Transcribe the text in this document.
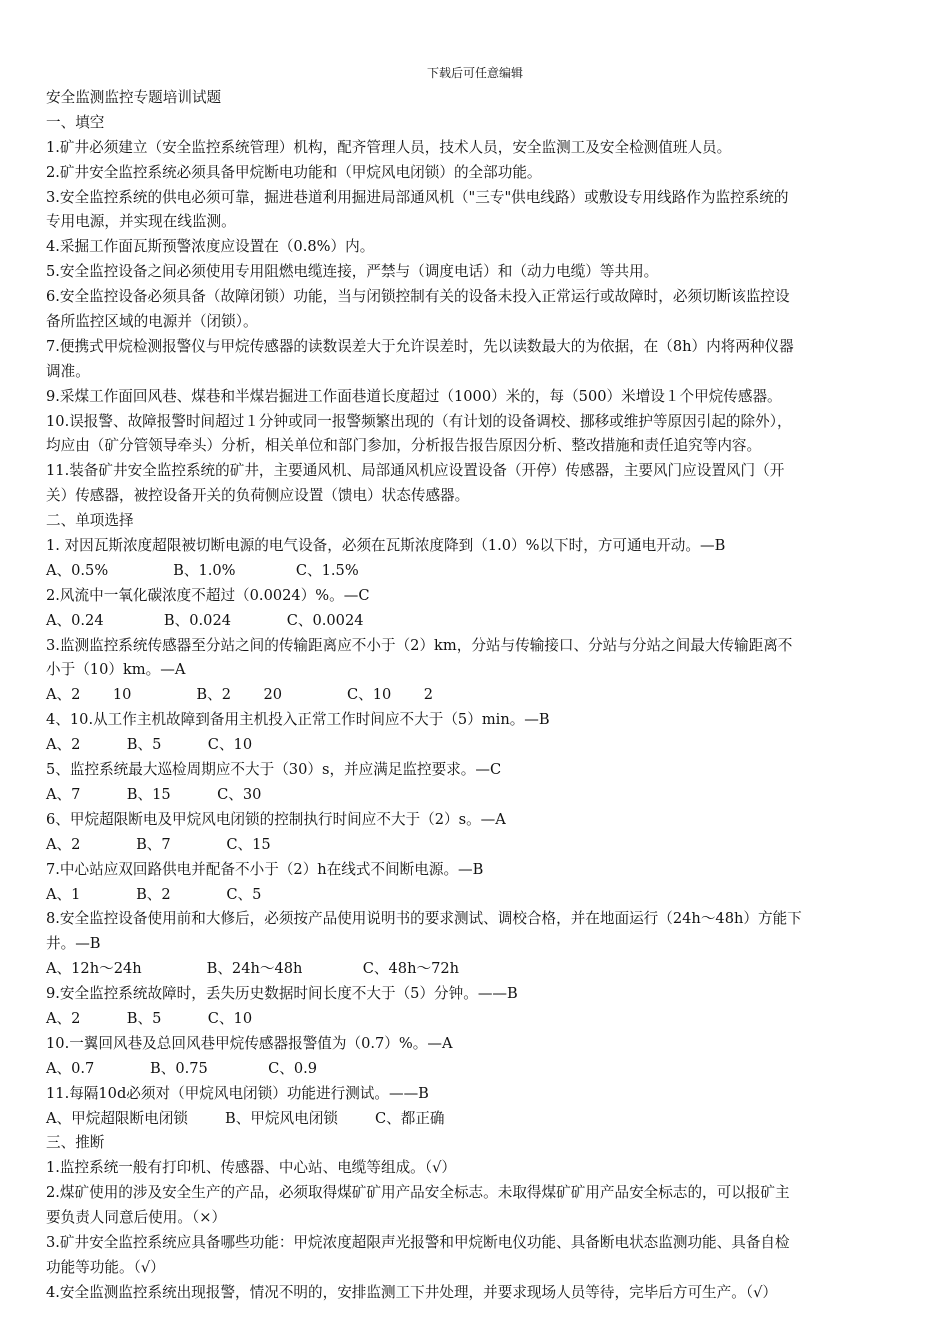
下载后可任意编辑
安全监测监控专题培训试题
一、填空
1.矿井必须建立（安全监控系统管理）机构，配齐管理人员，技术人员，安全监测工及安全检测值班人员。
2.矿井安全监控系统必须具备甲烷断电功能和（甲烷风电闭锁）的全部功能。
3.安全监控系统的供电必须可靠，掘进巷道利用掘进局部通风机（"三专"供电线路）或敷设专用线路作为监控系统的
专用电源，并实现在线监测。
4.采掘工作面瓦斯预警浓度应设置在（0.8%）内。
5.安全监控设备之间必须使用专用阻燃电缆连接，严禁与（调度电话）和（动力电缆）等共用。
6.安全监控设备必须具备（故障闭锁）功能，当与闭锁控制有关的设备未投入正常运行或故障时，必须切断该监控设
备所监控区域的电源并（闭锁）。
7.便携式甲烷检测报警仪与甲烷传感器的读数误差大于允许误差时，先以读数最大的为依据，在（8h）内将两种仪器
调准。
9.采煤工作面回风巷、煤巷和半煤岩掘进工作面巷道长度超过（1000）米的，每（500）米增设１个甲烷传感器。
10.误报警、故障报警时间超过１分钟或同一报警频繁出现的（有计划的设备调校、挪移或维护等原因引起的除外），
均应由（矿分管领导牵头）分析，相关单位和部门参加，分析报告报告原因分析、整改措施和责任追究等内容。
11.装备矿井安全监控系统的矿井，主要通风机、局部通风机应设置设备（开停）传感器，主要风门应设置风门（开
关）传感器，被控设备开关的负荷侧应设置（馈电）状态传感器。
二、单项选择
1. 对因瓦斯浓度超限被切断电源的电气设备，必须在瓦斯浓度降到（1.0）%以下时，方可通电开动。—B
A、0.5%              B、1.0%             C、1.5%
2.风流中一氧化碳浓度不超过（0.0024）%。—C
A、0.24             B、0.024            C、0.0024
3.监测监控系统传感器至分站之间的传输距离应不小于（2）km，分站与传输接口、分站与分站之间最大传输距离不
小于（10）km。—A
A、2       10              B、2       20              C、10       2
4、10.从工作主机故障到备用主机投入正常工作时间应不大于（5）min。—B
A、2          B、5          C、10
5、监控系统最大巡检周期应不大于（30）s，并应满足监控要求。—C
A、7          B、15          C、30
6、甲烷超限断电及甲烷风电闭锁的控制执行时间应不大于（2）s。—A
A、2            B、7            C、15
7.中心站应双回路供电并配备不小于（2）h在线式不间断电源。—B
A、1            B、2            C、5
8.安全监控设备使用前和大修后，必须按产品使用说明书的要求测试、调校合格，并在地面运行（24h～48h）方能下
井。—B
A、12h～24h              B、24h～48h             C、48h～72h
9.安全监控系统故障时，丢失历史数据时间长度不大于（5）分钟。——B
A、2          B、5          C、10
10.一翼回风巷及总回风巷甲烷传感器报警值为（0.7）%。—A
A、0.7            B、0.75             C、0.9
11.每隔10d必须对（甲烷风电闭锁）功能进行测试。——B
A、甲烷超限断电闭锁        B、甲烷风电闭锁        C、都正确
三、推断
1.监控系统一般有打印机、传感器、中心站、电缆等组成。（√）
2.煤矿使用的涉及安全生产的产品，必须取得煤矿矿用产品安全标志。未取得煤矿矿用产品安全标志的，可以报矿主
要负责人同意后使用。（×）
3.矿井安全监控系统应具备哪些功能：甲烷浓度超限声光报警和甲烷断电仪功能、具备断电状态监测功能、具备自检
功能等功能。（√）
4.安全监测监控系统出现报警，情况不明的，安排监测工下井处理，并要求现场人员等待，完毕后方可生产。（√）
